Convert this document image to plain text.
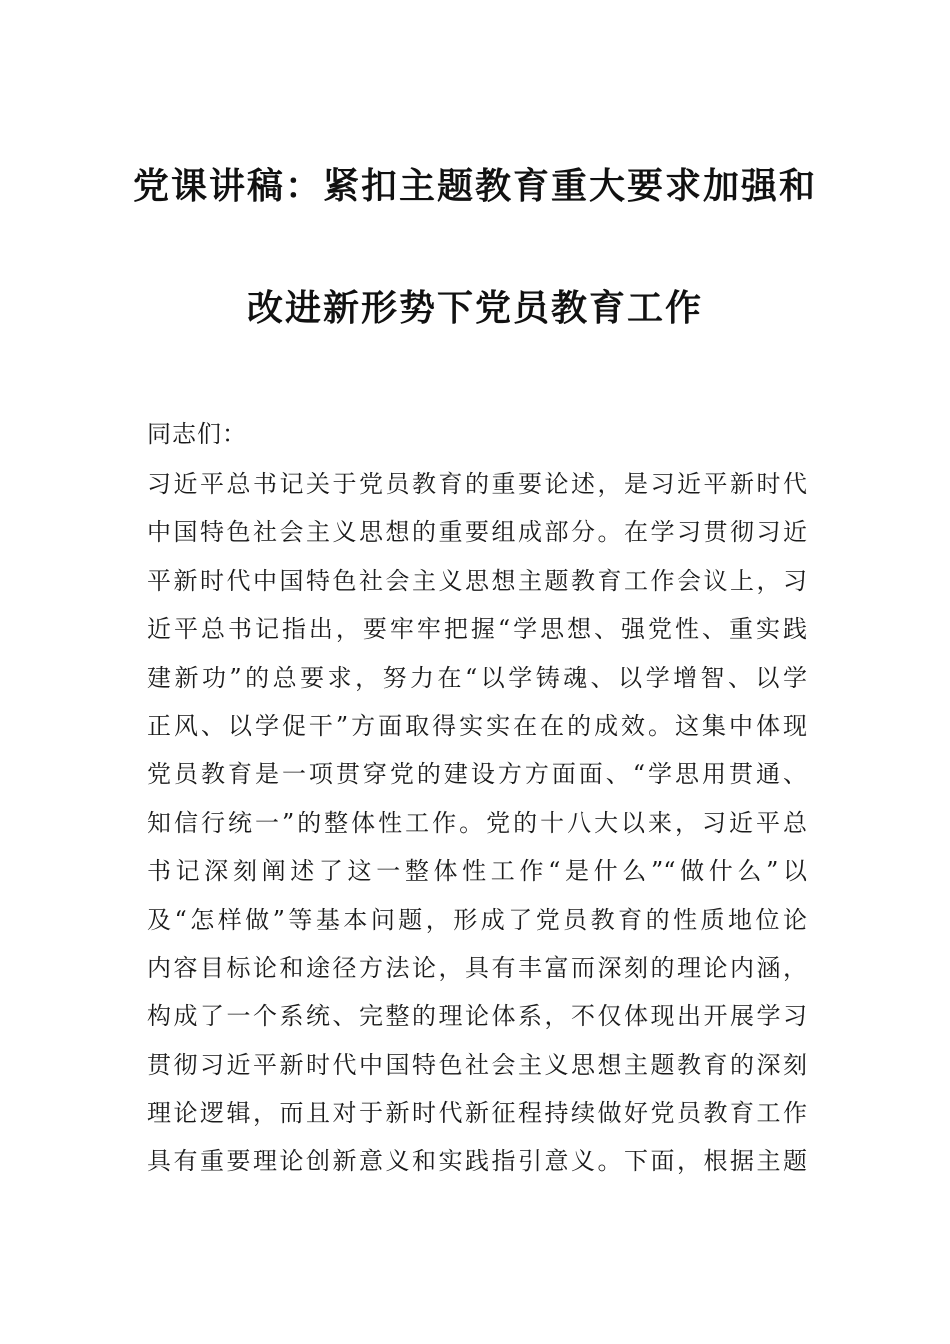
党课讲稿：紧扣主题教育重大要求加强和
改进新形势下党员教育工作
同志们：
习近平总书记关于党员教育的重要论述，是习近平新时代
中国特色社会主义思想的重要组成部分。在学习贯彻习近
平新时代中国特色社会主义思想主题教育工作会议上，习
近平总书记指出，要牢牢把握“学思想、强党性、重实践
建新功”的总要求，努力在“以学铸魂、以学增智、以学
正风、以学促干”方面取得实实在在的成效。这集中体现
党员教育是一项贯穿党的建设方方面面、“学思用贯通、
知信行统一”的整体性工作。党的十八大以来，习近平总
书记深刻阐述了这一整体性工作“是什么”“做什么”以
及“怎样做”等基本问题，形成了党员教育的性质地位论
内容目标论和途径方法论，具有丰富而深刻的理论内涵，
构成了一个系统、完整的理论体系，不仅体现出开展学习
贯彻习近平新时代中国特色社会主义思想主题教育的深刻
理论逻辑，而且对于新时代新征程持续做好党员教育工作
具有重要理论创新意义和实践指引意义。下面，根据主题
